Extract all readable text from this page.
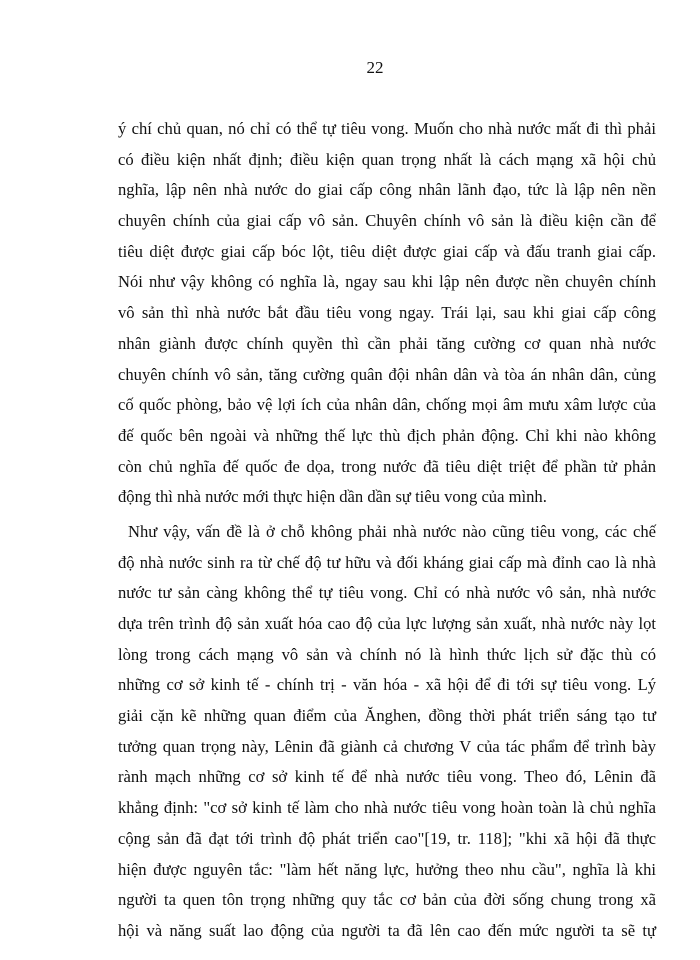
22
ý chí chủ quan, nó chỉ có thể tự tiêu vong. Muốn cho nhà nước mất đi thì phải
có điều kiện nhất định; điều kiện quan trọng nhất là cách mạng xã hội chủ
nghĩa, lập nên nhà nước do giai cấp công nhân lãnh đạo, tức là lập nên nền
chuyên chính của giai cấp vô sản. Chuyên chính vô sản là điều kiện cần để
tiêu diệt được giai cấp bóc lột, tiêu diệt được giai cấp và đấu tranh giai cấp.
Nói như vậy không có nghĩa là, ngay sau khi lập nên được nền chuyên chính
vô sản thì nhà nước bắt đầu tiêu vong ngay. Trái lại, sau khi giai cấp công
nhân giành được chính quyền thì cần phải tăng cường cơ quan nhà nước
chuyên chính vô sản, tăng cường quân đội nhân dân và tòa án nhân dân, củng
cố quốc phòng, bảo vệ lợi ích của nhân dân, chống mọi âm mưu xâm lược của
đế quốc bên ngoài và những thế lực thù địch phản động. Chỉ khi nào không
còn chủ nghĩa đế quốc đe dọa, trong nước đã tiêu diệt triệt để phần tử phản
động thì nhà nước mới thực hiện dần dần sự tiêu vong của mình.
Như vậy, vấn đề là ở chỗ không phải nhà nước nào cũng tiêu vong, các chế
độ nhà nước sinh ra từ chế độ tư hữu và đối kháng giai cấp mà đỉnh cao là nhà
nước tư sản càng không thể tự tiêu vong. Chỉ có nhà nước vô sản, nhà nước
dựa trên trình độ sản xuất hóa cao độ của lực lượng sản xuất, nhà nước này lọt
lòng trong cách mạng vô sản và chính nó là hình thức lịch sử đặc thù có
những cơ sở kinh tế - chính trị - văn hóa - xã hội để đi tới sự tiêu vong. Lý
giải cặn kẽ những quan điểm của Ănghen, đồng thời phát triển sáng tạo tư
tưởng quan trọng này, Lênin đã giành cả chương V của tác phẩm để trình bày
rành mạch những cơ sở kinh tế để nhà nước tiêu vong. Theo đó, Lênin đã
khẳng định: "cơ sở kinh tế làm cho nhà nước tiêu vong hoàn toàn là chủ nghĩa
cộng sản đã đạt tới trình độ phát triển cao"[19, tr. 118]; "khi xã hội đã thực
hiện được nguyên tắc: "làm hết năng lực, hưởng theo nhu cầu", nghĩa là khi
người ta quen tôn trọng những quy tắc cơ bản của đời sống chung trong xã
hội và năng suất lao động của người ta đã lên cao đến mức người ta sẽ tự
